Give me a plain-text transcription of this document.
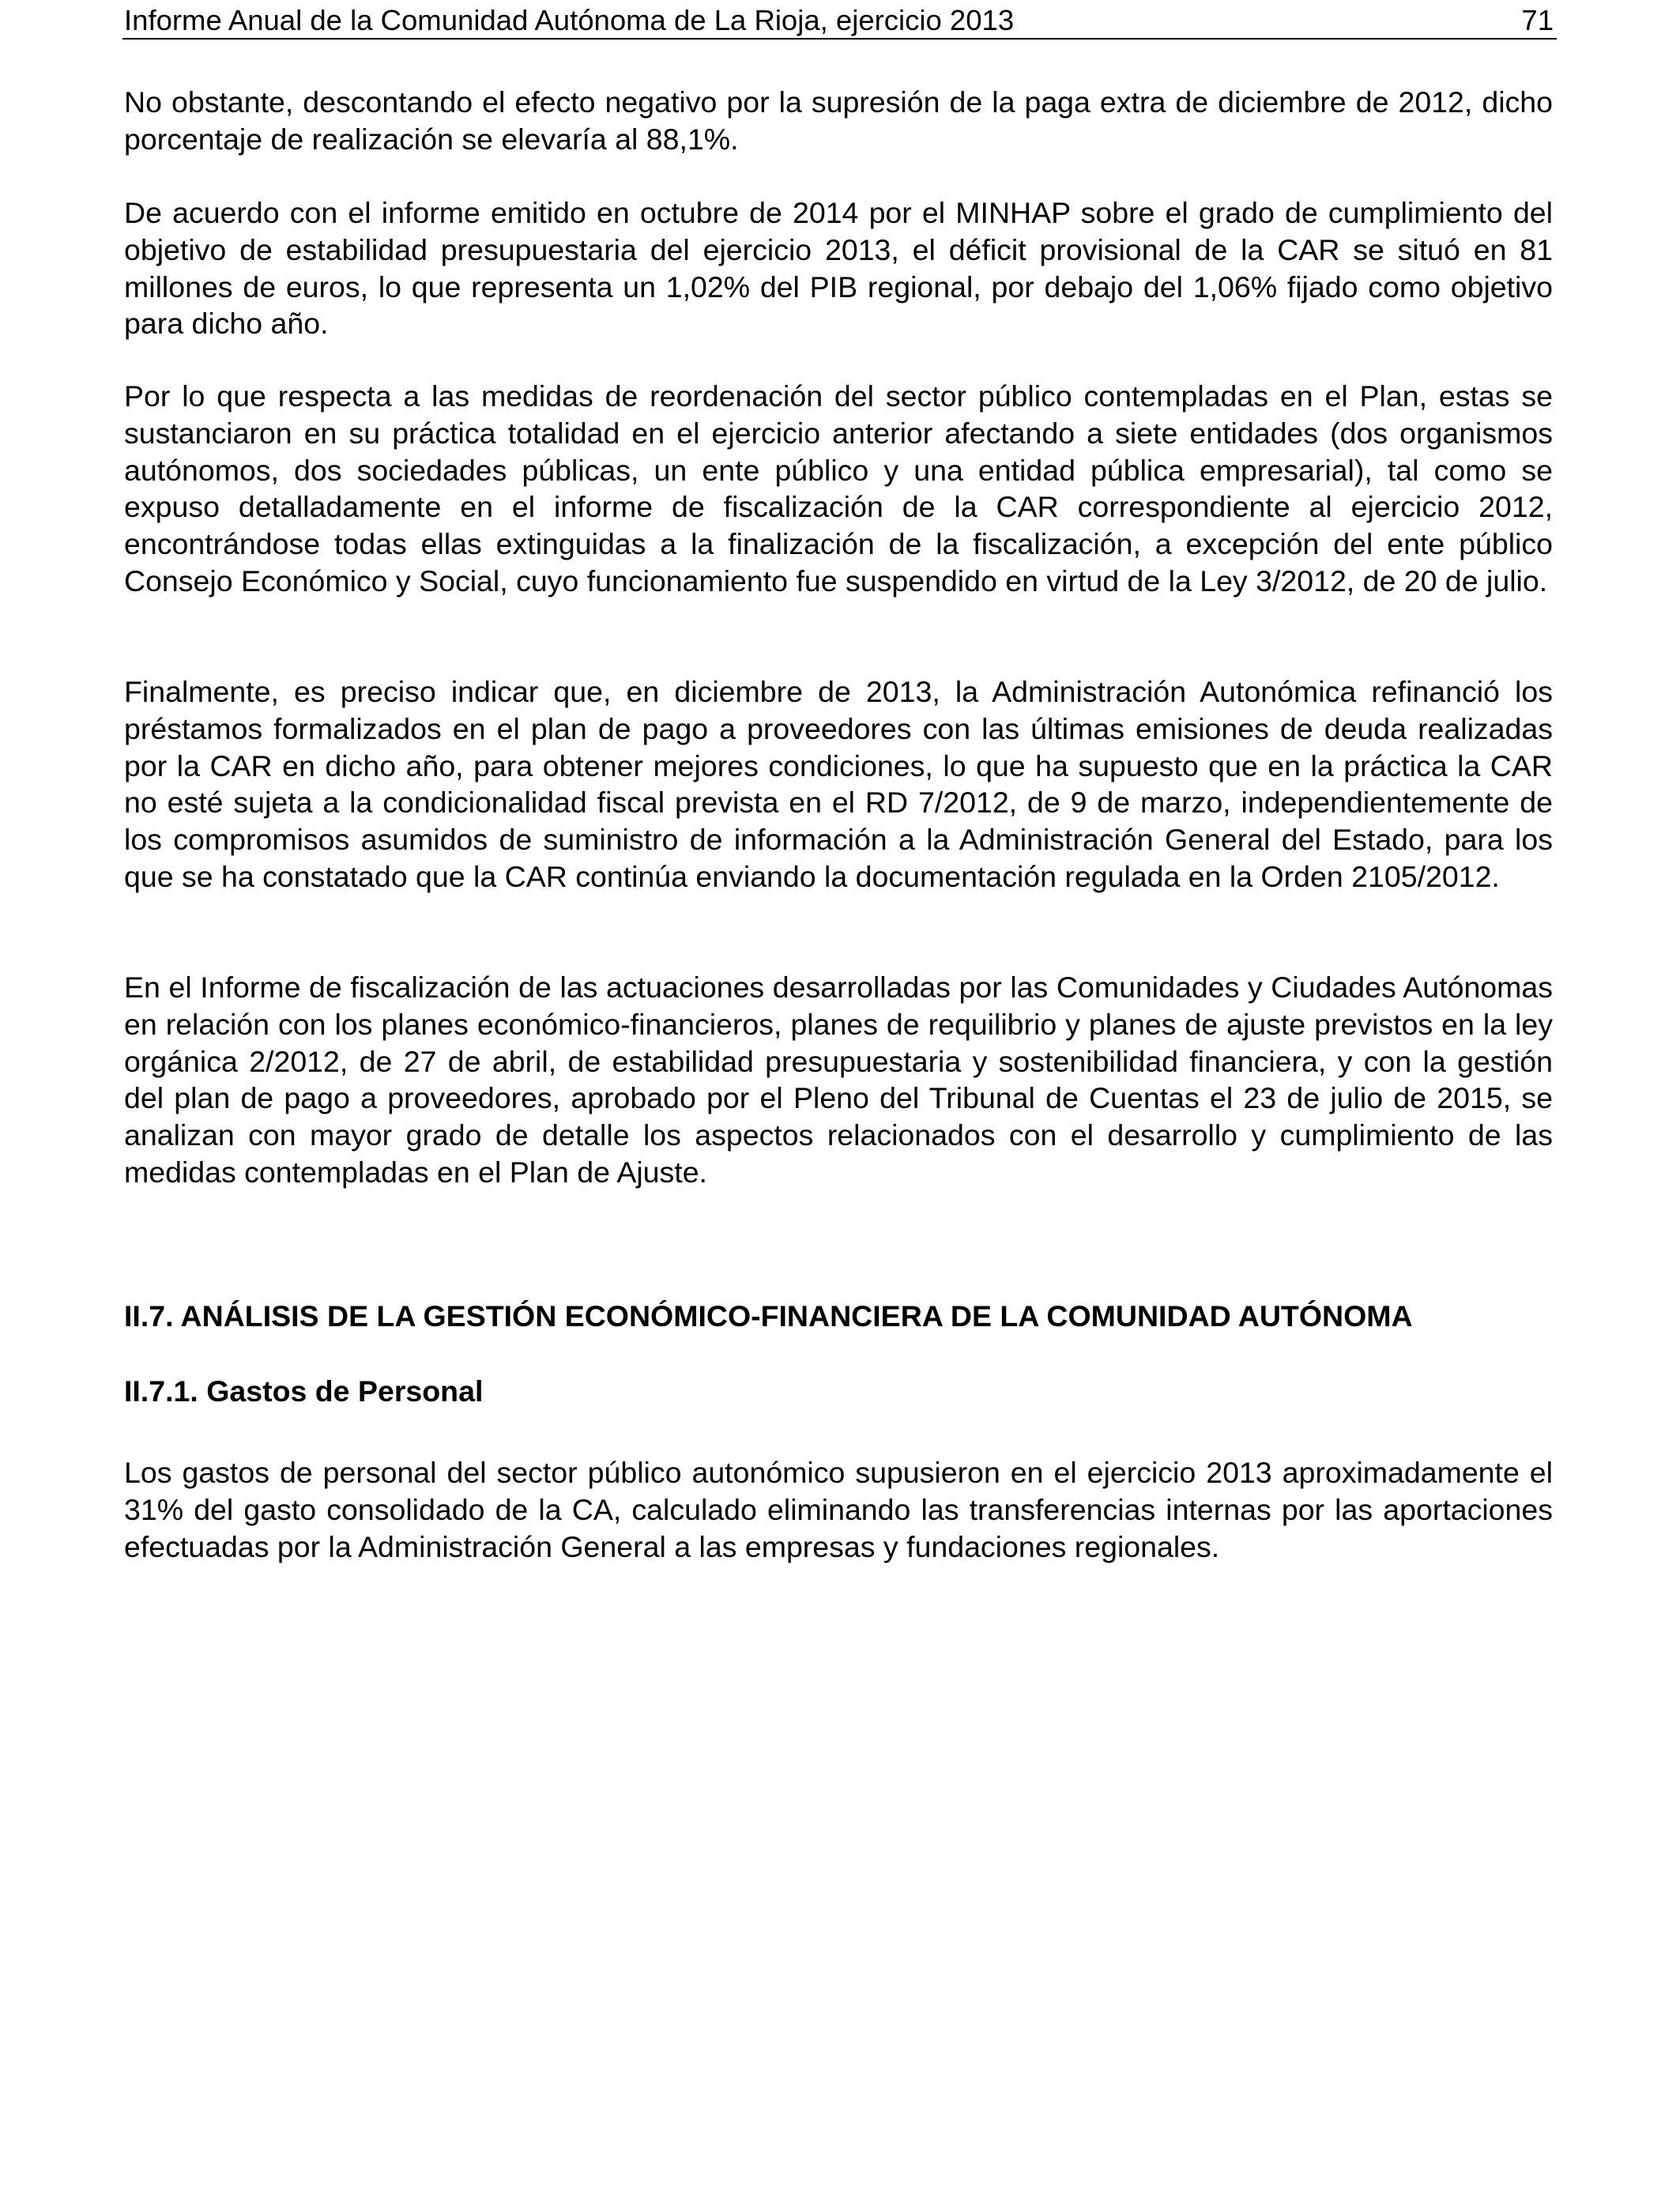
Informe Anual de la Comunidad Autónoma de La Rioja, ejercicio 2013	71

No obstante, descontando el efecto negativo por la supresión de la paga extra de diciembre de 2012, dicho porcentaje de realización se elevaría al 88,1%.

De acuerdo con el informe emitido en octubre de 2014 por el MINHAP sobre el grado de cumplimiento del objetivo de estabilidad presupuestaria del ejercicio 2013, el déficit provisional de la CAR se situó en 81 millones de euros, lo que representa un 1,02% del PIB regional, por debajo del 1,06% fijado como objetivo para dicho año.

Por lo que respecta a las medidas de reordenación del sector público contempladas en el Plan, estas se sustanciaron en su práctica totalidad en el ejercicio anterior afectando a siete entidades (dos organismos autónomos, dos sociedades públicas, un ente público y una entidad pública empresarial), tal como se expuso detalladamente en el informe de fiscalización de la CAR correspondiente al ejercicio 2012, encontrándose todas ellas extinguidas a la finalización de la fiscalización, a excepción del ente público Consejo Económico y Social, cuyo funcionamiento fue suspendido en virtud de la Ley 3/2012, de 20 de julio.

Finalmente, es preciso indicar que, en diciembre de 2013, la Administración Autonómica refinanció los préstamos formalizados en el plan de pago a proveedores con las últimas emisiones de deuda realizadas por la CAR en dicho año, para obtener mejores condiciones, lo que ha supuesto que en la práctica la CAR no esté sujeta a la condicionalidad fiscal prevista en el RD 7/2012, de 9 de marzo, independientemente de los compromisos asumidos de suministro de información a la Administración General del Estado, para los que se ha constatado que la CAR continúa enviando la documentación regulada en la Orden 2105/2012.

En el Informe de fiscalización de las actuaciones desarrolladas por las Comunidades y Ciudades Autónomas en relación con los planes económico-financieros, planes de requilibrio y planes de ajuste previstos en la ley orgánica 2/2012, de 27 de abril, de estabilidad presupuestaria y sostenibilidad financiera, y con la gestión del plan de pago a proveedores, aprobado por el Pleno del Tribunal de Cuentas el 23 de julio de 2015, se analizan con mayor grado de detalle los aspectos relacionados con el desarrollo y cumplimiento de las medidas contempladas en el Plan de Ajuste.

II.7. ANÁLISIS DE LA GESTIÓN ECONÓMICO-FINANCIERA DE LA COMUNIDAD AUTÓNOMA
II.7.1. Gastos de Personal

Los gastos de personal del sector público autonómico supusieron en el ejercicio 2013 aproximadamente el 31% del gasto consolidado de la CA, calculado eliminando las transferencias internas por las aportaciones efectuadas por la Administración General a las empresas y fundaciones regionales.
